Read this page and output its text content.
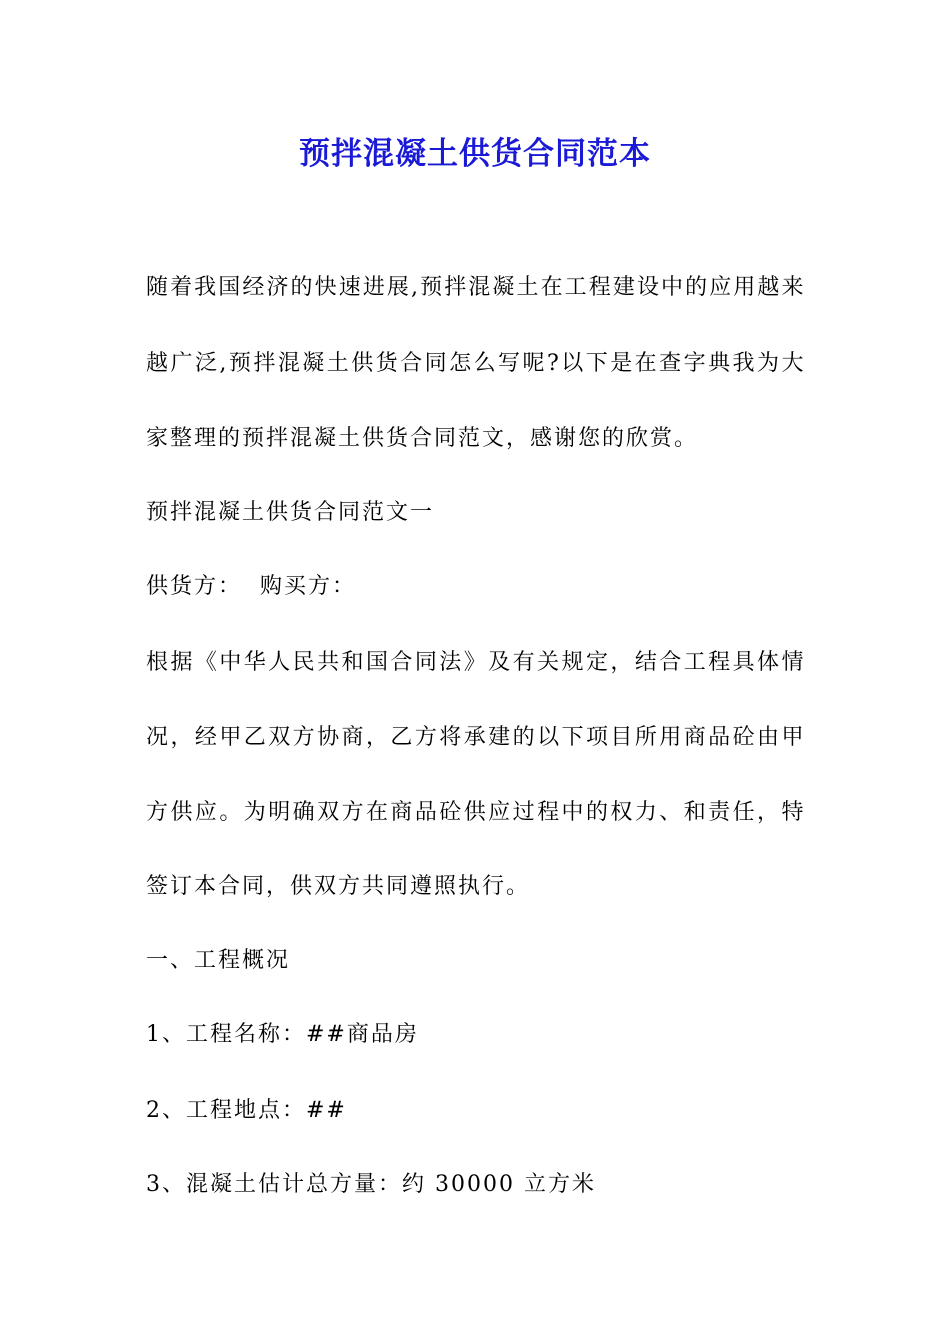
预拌混凝土供货合同范本

随着我国经济的快速进展,预拌混凝土在工程建设中的应用越来

越广泛,预拌混凝土供货合同怎么写呢?以下是在查字典我为大

家整理的预拌混凝土供货合同范文，感谢您的欣赏。

预拌混凝土供货合同范文一

供货方：  购买方：

根据《中华人民共和国合同法》及有关规定，结合工程具体情

况，经甲乙双方协商，乙方将承建的以下项目所用商品砼由甲

方供应。为明确双方在商品砼供应过程中的权力、和责任，特

签订本合同，供双方共同遵照执行。

一、工程概况

1、工程名称：##商品房

2、工程地点：##

3、混凝土估计总方量：约 30000 立方米
